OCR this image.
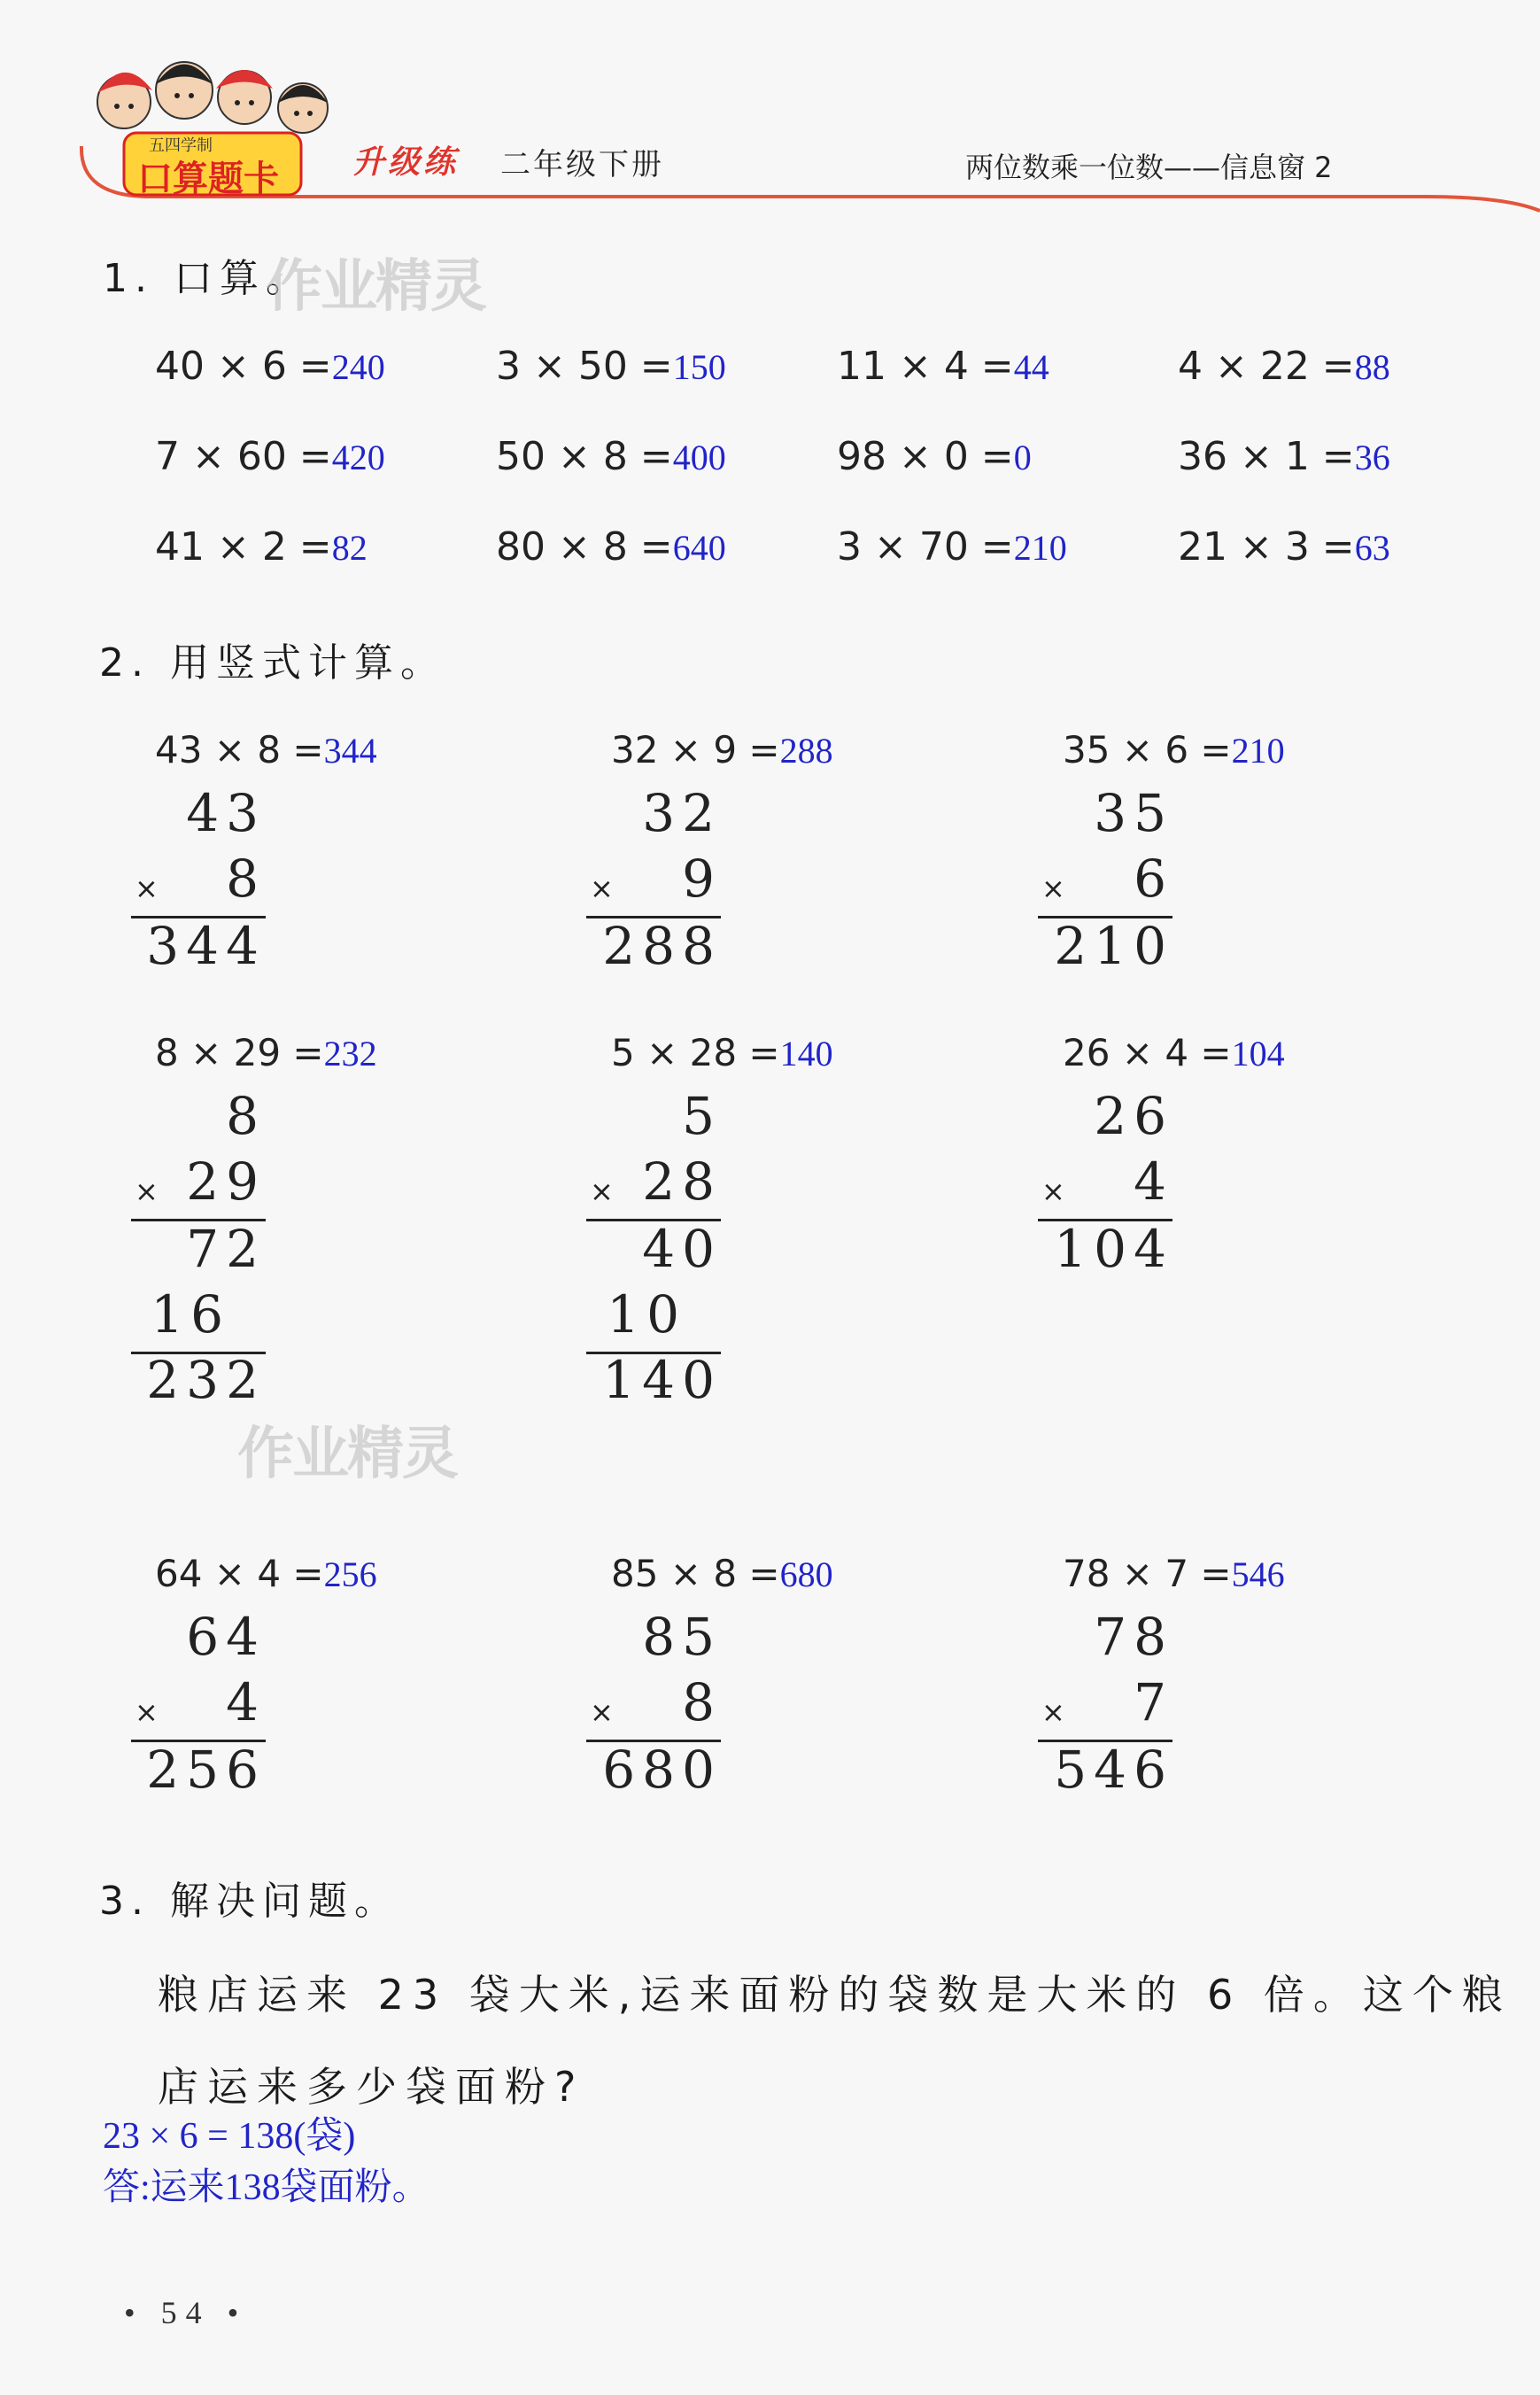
五四学制
口算题卡 升级练 二年级下册	两位数乘一位数——信息窗 2
1. 口算。
作业精灵
40 × 6 =240	3 × 50 =150	11 × 4 =44	4 × 22 =88
7 × 60 =420	50 × 8 =400	98 × 0 =0	36 × 1 =36
41 × 2 =82	80 × 8 =640	3 × 70 =210	21 × 3 =63
2. 用竖式计算。
43 × 8 =344
43
×	8
344
32 × 9 =288
32
×	9
288
35 × 6 =210
35
×	6
210
8 × 29 =232
8
× 29
72
16
232
5 × 28 =140
5
× 28
40
10
140
26 × 4 =104
26
×	4
104
64 × 4 =256
64
×	4
256
85 × 8 =680
85
×	8
680
78 × 7 =546
78
×	7
546
作业精灵
3. 解决问题。
粮店运来 23 袋大米,运来面粉的袋数是大米的 6 倍。这个粮
店运来多少袋面粉?
23 × 6 = 138(袋)
答:运来138袋面粉。
• 54 •
